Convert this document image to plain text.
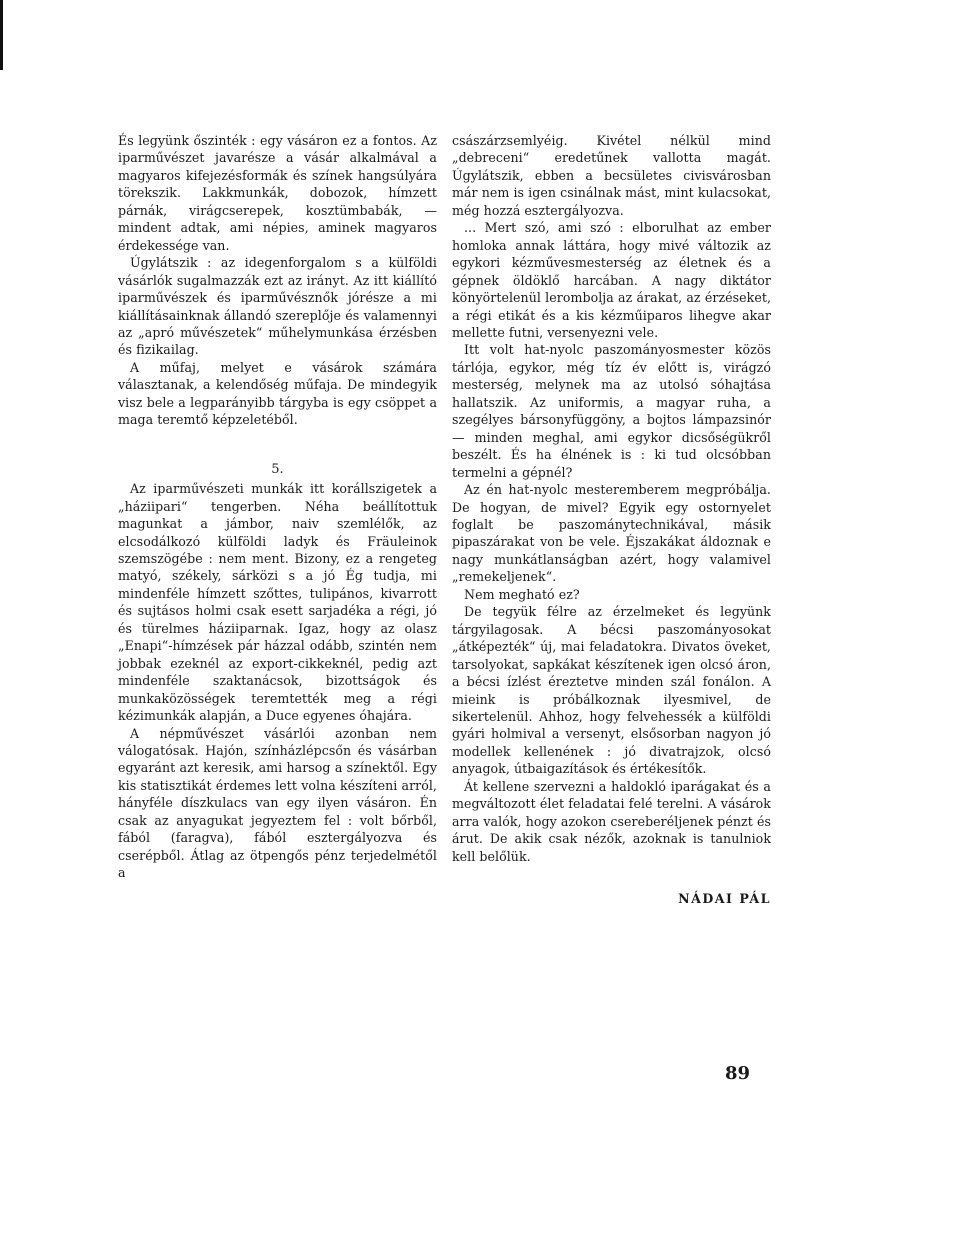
És legyünk őszinték : egy vásáron ez a fontos. Az iparművészet javarésze a vásár alkalmával a magyaros kifejezésformák és színek hangsúlyára törekszik. Lakkmunkák, dobozok, hímzett párnák, virágcserepek, kosztümbabák, — mindent adtak, ami népies, aminek magyaros érdekessége van.

Úgylátszik : az idegenforgalom s a külföldi vásárlók sugalmazzák ezt az irányt. Az itt kiállító iparművészek és iparművésznők jórésze a mi kiállításainknak állandó szereplője és valamennyi az „apró művészetek“ műhelymunkása érzésben és fizikailag.

A műfaj, melyet e vásárok számára választanak, a kelendőség műfaja. De mindegyik visz bele a legparányibb tárgyba is egy csöppet a maga teremtő képzeletéből.

5.

Az iparművészeti munkák itt korállszigetek a „háziipari“ tengerben. Néha beállítottuk magunkat a jámbor, naiv szemlélők, az elcsodálkozó külföldi ladyk és Fräuleinok szemszögébe : nem ment. Bizony, ez a rengeteg matyó, székely, sárközi s a jó Ég tudja, mi mindenféle hímzett szőttes, tulipános, kivarrott és sujtásos holmi csak esett sarjadéka a régi, jó és türelmes háziiparnak. Igaz, hogy az olasz „Enapi“-hímzések pár házzal odább, szintén nem jobbak ezeknél az export-cikkeknél, pedig azt mindenféle szaktanácsok, bizottságok és munkaközösségek teremtették meg a régi kézimunkák alapján, a Duce egyenes óhajára.

A népművészet vásárlói azonban nem válogatósak. Hajón, színházlépcsőn és vásárban egyaránt azt keresik, ami harsog a színektől. Egy kis statisztikát érdemes lett volna készíteni arról, hányféle díszkulacs van egy ilyen vásáron. Én csak az anyagukat jegyeztem fel : volt bőrből, fából (faragva), fából esztergályozva és cserépből. Átlag az ötpengős pénz terjedelmétől a

császárzsemlyéig. Kivétel nélkül mind „debreceni“ eredetűnek vallotta magát. Úgylátszik, ebben a becsületes civisvárosban már nem is igen csinálnak mást, mint kulacsokat, még hozzá esztergályozva.

... Mert szó, ami szó : elborulhat az ember homloka annak láttára, hogy mivé változik az egykori kézművesmesterség az életnek és a gépnek öldöklő harcában. A nagy diktátor könyörtelenül lerombolja az árakat, az érzéseket, a régi etikát és a kis kézműiparos lihegve akar mellette futni, versenyezni vele.

Itt volt hat-nyolc paszományosmester közös tárlója, egykor, még tíz év előtt is, virágzó mesterség, melynek ma az utolsó sóhajtása hallatszik. Az uniformis, a magyar ruha, a szegélyes bársonyfüggöny, a bojtos lámpazsinór — minden meghal, ami egykor dicsőségükről beszélt. És ha élnének is : ki tud olcsóbban termelni a gépnél?

Az én hat-nyolc mesteremberem megpróbálja. De hogyan, de mivel? Egyik egy ostornyelet foglalt be paszománytechnikával, másik pipaszárakat von be vele. Éjszakákat áldoznak e nagy munkátlanságban azért, hogy valamivel „remekeljenek“.

Nem megható ez?

De tegyük félre az érzelmeket és legyünk tárgyilagosak. A bécsi paszományosokat „átképezték“ új, mai feladatokra. Divatos öveket, tarsolyokat, sapkákat készítenek igen olcsó áron, a bécsi ízlést éreztetve minden szál fonálon. A mieink is próbálkoznak ilyesmivel, de sikertelenül. Ahhoz, hogy felvehessék a külföldi gyári holmival a versenyt, elsősorban nagyon jó modellek kellenének : jó divatrajzok, olcsó anyagok, útbaigazítások és értékesítők.

Át kellene szervezni a haldokló iparágakat és a megváltozott élet feladatai felé terelni. A vásárok arra valók, hogy azokon csereberéljenek pénzt és árut. De akik csak nézők, azoknak is tanulniok kell belőlük.

NÁDAI PÁL
89
